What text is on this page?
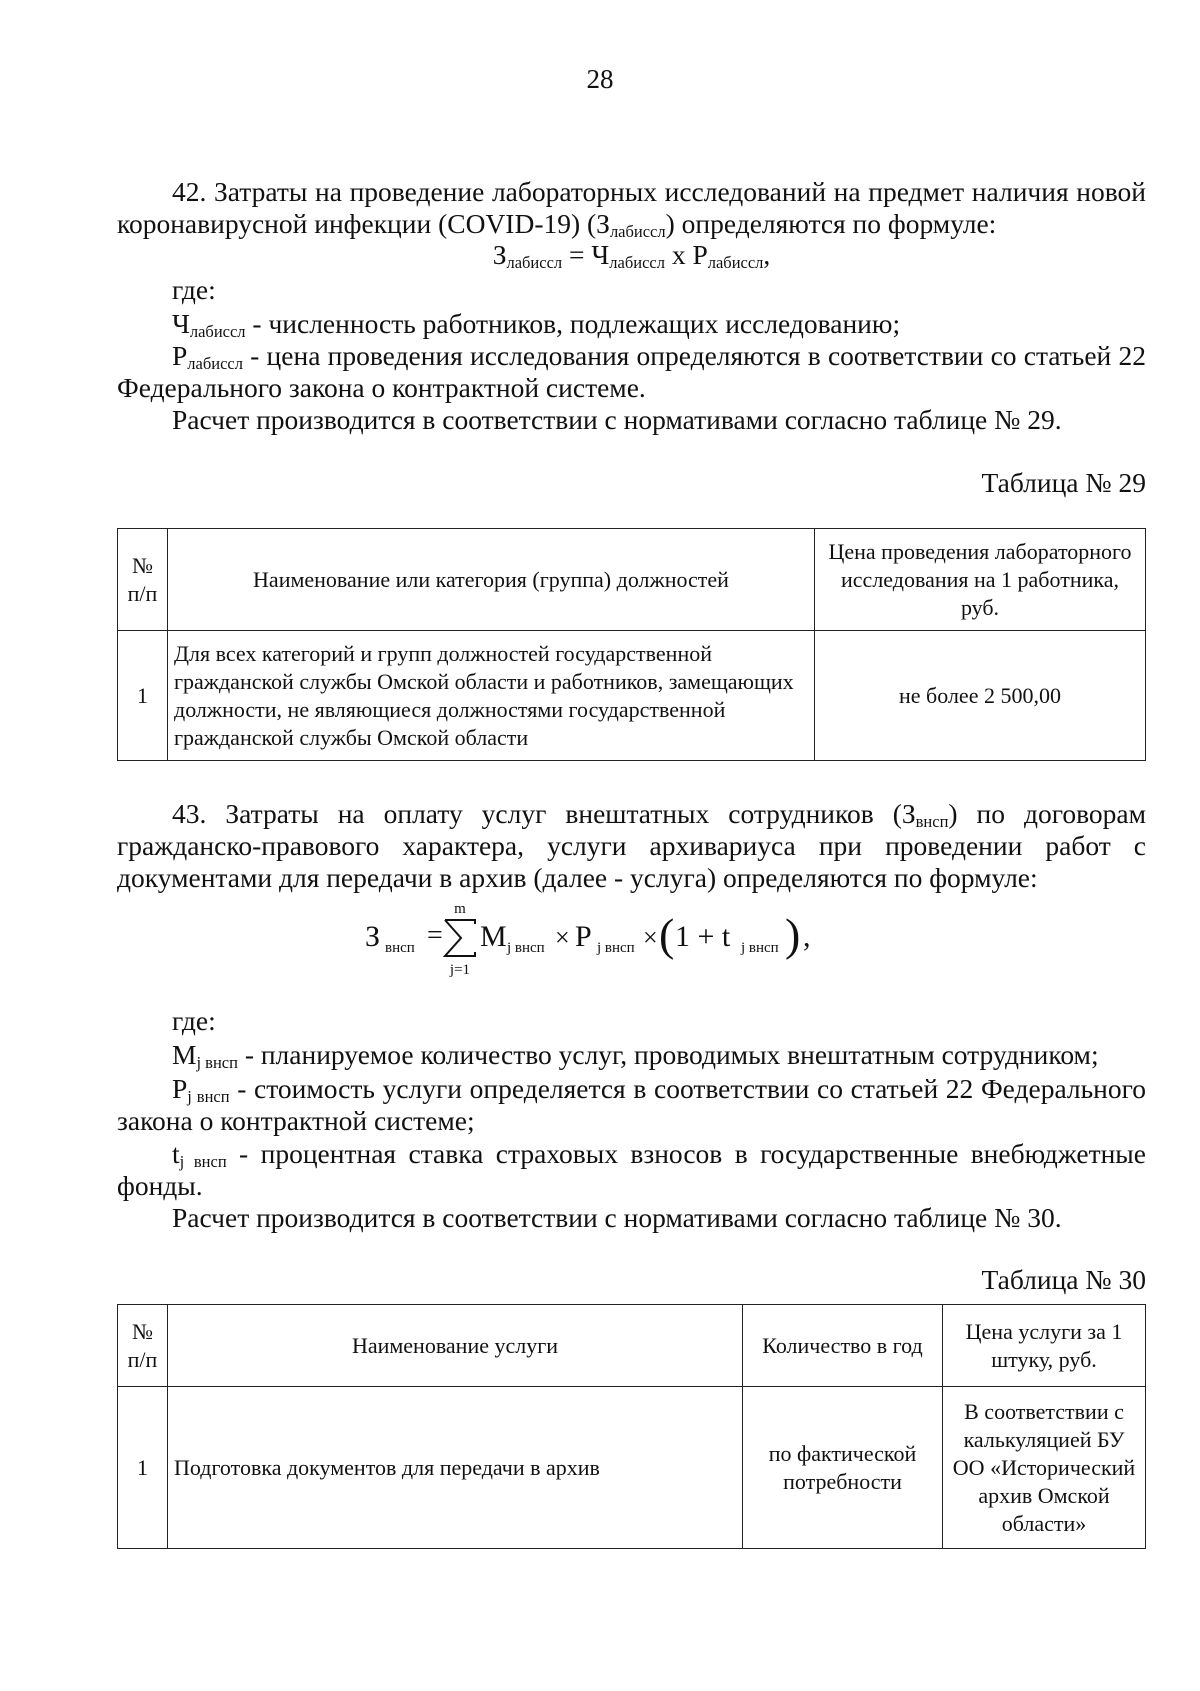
28
42. Затраты на проведение лабораторных исследований на предмет наличия новой коронавирусной инфекции (COVID-19) $(З_{лабиссл})$ определяются по формуле:
$З_{лабиссл} = Ч_{лабиссл}$ х $Р_{лабиссл}$,
где:
$Ч_{лабиссл}$ - численность работников, подлежащих исследованию;
$Р_{лабиссл}$ - цена проведения исследования определяются в соответствии со статьей 22 Федерального закона о контрактной системе.
Расчет производится в соответствии с нормативами согласно таблице № 29.
Таблица № 29
№ п/п	Наименование или категория (группа) должностей	Цена проведения лабораторного исследования на 1 работника, руб.
1	Для всех категорий и групп должностей государственной гражданской службы Омской области и работников, замещающих должности, не являющиеся должностями государственной гражданской службы Омской области	не более 2 500,00
43. Затраты на оплату услуг внештатных сотрудников $(З_{внсп})$ по договорам гражданско-правового характера, услуги архивариуса при проведении работ с документами для передачи в архив (далее - услуга) определяются по формуле:
З внсп =
m
j=1
M j внсп × P j внсп × ( 1 + t j внсп ) ,
где:
$M_{j внсп}$ - планируемое количество услуг, проводимых внештатным сотрудником;
$P_{j внсп}$ - стоимость услуги определяется в соответствии со статьей 22 Федерального закона о контрактной системе;
$t_{j внсп}$ - процентная ставка страховых взносов в государственные внебюджетные фонды.
Расчет производится в соответствии с нормативами согласно таблице № 30.
Таблица № 30
№ п/п	Наименование услуги	Количество в год	Цена услуги за 1 штуку, руб.
1	Подготовка документов для передачи в архив	по фактической потребности	В соответствии с калькуляцией БУ ОО «Исторический архив Омской области»
